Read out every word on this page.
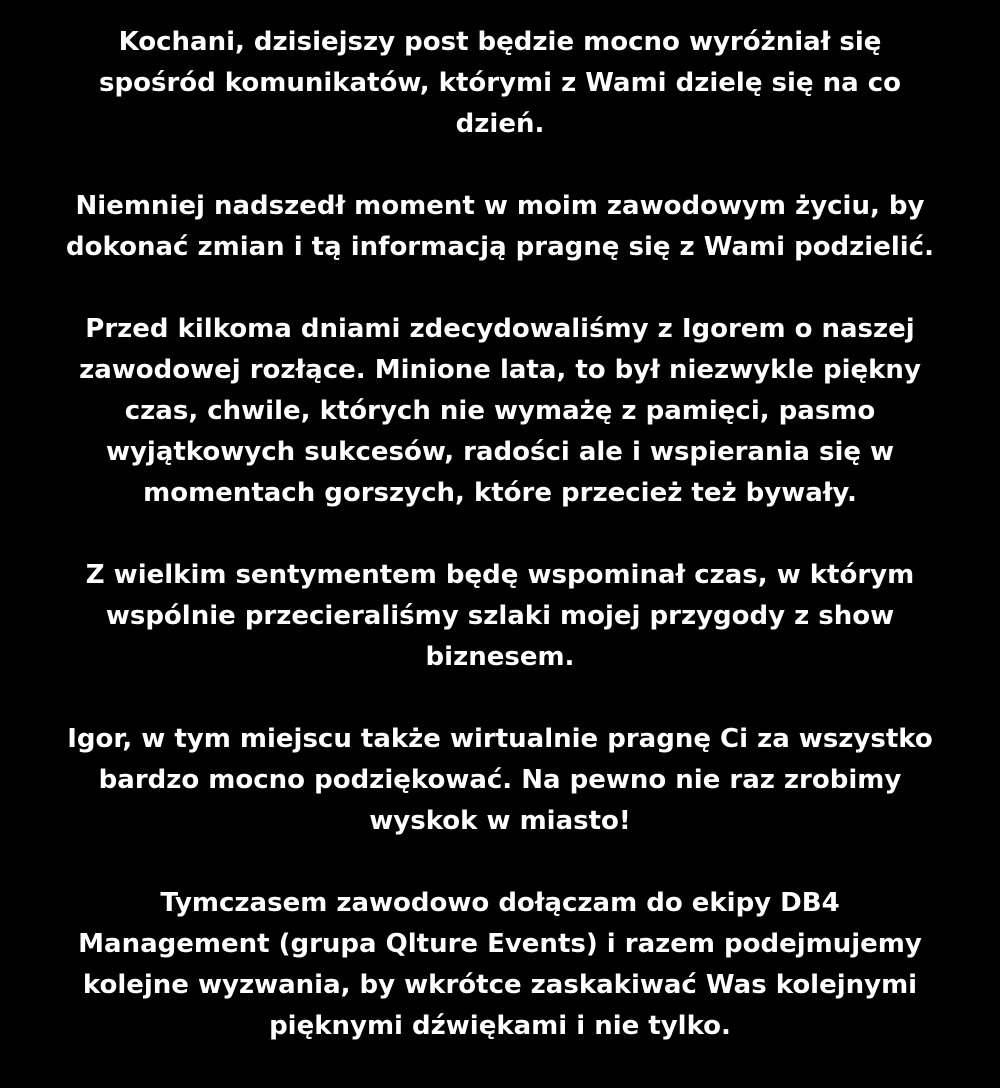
Kochani, dzisiejszy post będzie mocno wyróżniał się
spośród komunikatów, którymi z Wami dzielę się na co
dzień.

Niemniej nadszedł moment w moim zawodowym życiu, by
dokonać zmian i tą informacją pragnę się z Wami podzielić.

Przed kilkoma dniami zdecydowaliśmy z Igorem o naszej
zawodowej rozłące. Minione lata, to był niezwykle piękny
czas, chwile, których nie wymażę z pamięci, pasmo
wyjątkowych sukcesów, radości ale i wspierania się w
momentach gorszych, które przecież też bywały.

Z wielkim sentymentem będę wspominał czas, w którym
wspólnie przecieraliśmy szlaki mojej przygody z show
biznesem.

Igor, w tym miejscu także wirtualnie pragnę Ci za wszystko
bardzo mocno podziękować. Na pewno nie raz zrobimy
wyskok w miasto!

Tymczasem zawodowo dołączam do ekipy DB4
Management (grupa Qlture Events) i razem podejmujemy
kolejne wyzwania, by wkrótce zaskakiwać Was kolejnymi
pięknymi dźwiękami i nie tylko.
